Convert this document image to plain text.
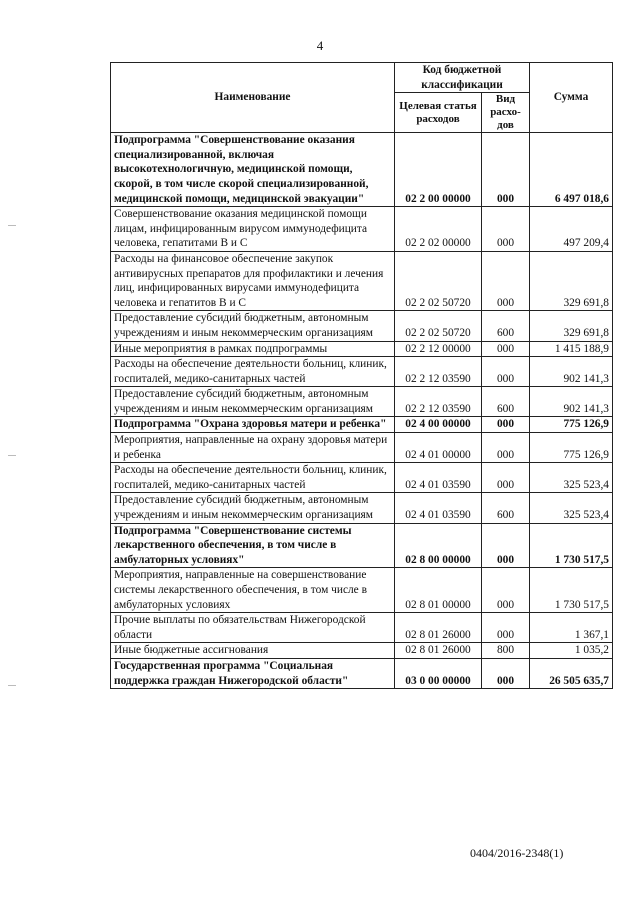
4
Наименование	Код бюджетной классификации		Сумма
	Целевая статья расходов	Вид расхо-дов	
Подпрограмма "Совершенствование оказания специализированной, включая высокотехнологичную, медицинской помощи, скорой, в том числе скорой специализированной, медицинской помощи, медицинской эвакуации"	02 2 00 00000	000	6 497 018,6
Совершенствование оказания медицинской помощи лицам, инфицированным вирусом иммунодефицита человека, гепатитами В и С	02 2 02 00000	000	497 209,4
Расходы на финансовое обеспечение закупок антивирусных препаратов для профилактики и лечения лиц, инфицированных вирусами иммунодефицита человека и гепатитов В и С	02 2 02 50720	000	329 691,8
Предоставление субсидий бюджетным, автономным учреждениям и иным некоммерческим организациям	02 2 02 50720	600	329 691,8
Иные мероприятия в рамках подпрограммы	02 2 12 00000	000	1 415 188,9
Расходы на обеспечение деятельности больниц, клиник, госпиталей, медико-санитарных частей	02 2 12 03590	000	902 141,3
Предоставление субсидий бюджетным, автономным учреждениям и иным некоммерческим организациям	02 2 12 03590	600	902 141,3
Подпрограмма "Охрана здоровья матери и ребенка"	02 4 00 00000	000	775 126,9
Мероприятия, направленные на охрану здоровья матери и ребенка	02 4 01 00000	000	775 126,9
Расходы на обеспечение деятельности больниц, клиник, госпиталей, медико-санитарных частей	02 4 01 03590	000	325 523,4
Предоставление субсидий бюджетным, автономным учреждениям и иным некоммерческим организациям	02 4 01 03590	600	325 523,4
Подпрограмма "Совершенствование системы лекарственного обеспечения, в том числе в амбулаторных условиях"	02 8 00 00000	000	1 730 517,5
Мероприятия, направленные на совершенствование системы лекарственного обеспечения, в том числе в амбулаторных условиях	02 8 01 00000	000	1 730 517,5
Прочие выплаты по обязательствам Нижегородской области	02 8 01 26000	000	1 367,1
Иные бюджетные ассигнования	02 8 01 26000	800	1 035,2
Государственная программа "Социальная поддержка граждан Нижегородской области"	03 0 00 00000	000	26 505 635,7
0404/2016-2348(1)
